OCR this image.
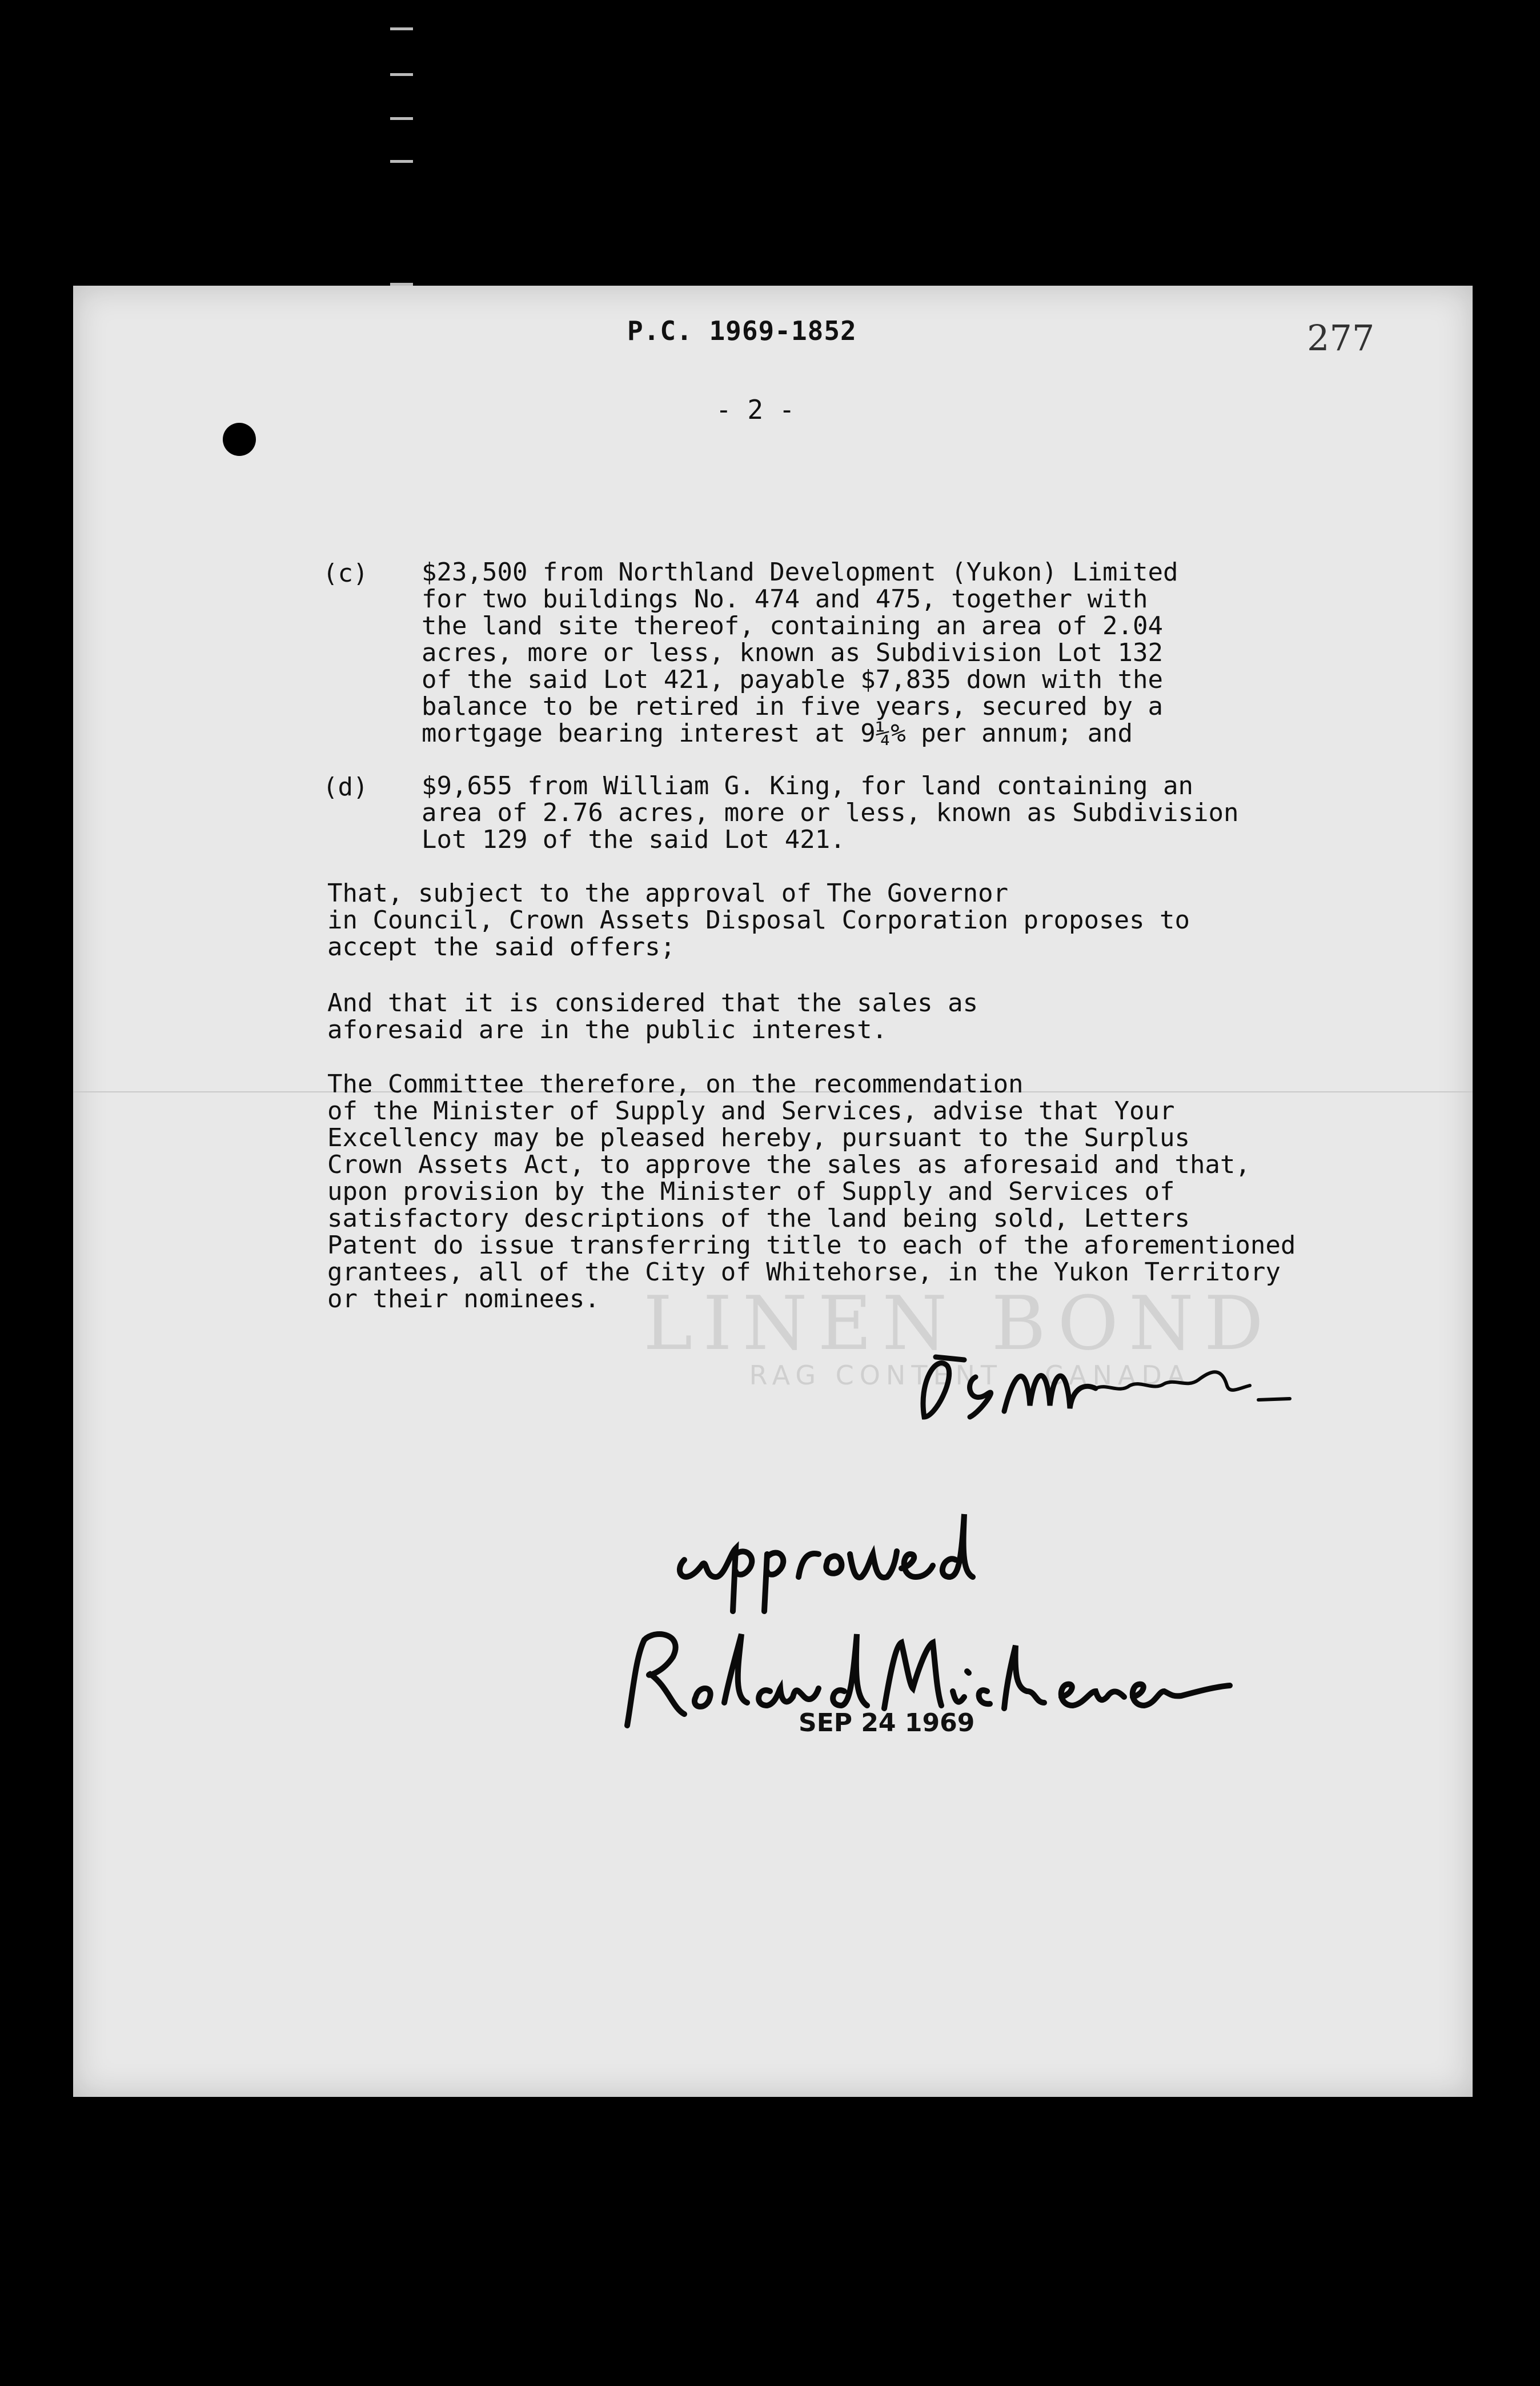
LINEN BOND
RAG CONTENT · CANADA
P.C. 1969-1852	277
- 2 -
(c) $23,500 from Northland Development (Yukon) Limited
for two buildings No. 474 and 475, together with
the land site thereof, containing an area of 2.04
acres, more or less, known as Subdivision Lot 132
of the said Lot 421, payable $7,835 down with the
balance to be retired in five years, secured by a
mortgage bearing interest at 9¼% per annum; and

(d) $9,655 from William G. King, for land containing an
area of 2.76 acres, more or less, known as Subdivision
Lot 129 of the said Lot 421.

That, subject to the approval of The Governor
in Council, Crown Assets Disposal Corporation proposes to
accept the said offers;

And that it is considered that the sales as
aforesaid are in the public interest.

The Committee therefore, on the recommendation
of the Minister of Supply and Services, advise that Your
Excellency may be pleased hereby, pursuant to the Surplus
Crown Assets Act, to approve the sales as aforesaid and that,
upon provision by the Minister of Supply and Services of
satisfactory descriptions of the land being sold, Letters
Patent do issue transferring title to each of the aforementioned
grantees, all of the City of Whitehorse, in the Yukon Territory
or their nominees.

SEP 24 1969
